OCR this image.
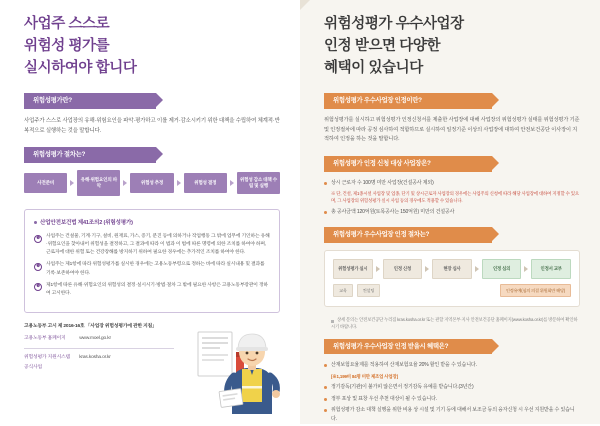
사업주 스스로
위험성 평가를
실시하여야 합니다
위험성평가란?

사업주가 스스로 사업장의 유해·위험요인을 파악·평가하고 이를 제거·감소시키기 위한 대책을 수립하여 체계적·반복적으로 실행하는 것을 말합니다.

위험성평가 절차는?
사전준비
유해·위험요인의 파악
위험성 추정	위험성 결정
위험성 감소 대책 수립 및 실행
산업안전보건법 제41조의2 (위험성평가)
❶	사업주는 건설물, 기계·기구, 설비, 원재료, 가스, 증기, 분진 등에 의하거나 작업행동 그 밖에 업무에 기인하는 유해·위험요인을 찾아내어 위험성을 결정하고, 그 결과에 따라 이 법과 이 법에 따른 명령에 의한 조치를 하여야 하며, 근로자에 대한 위험 또는 건강장해를 방지하기 위하여 필요한 경우에는 추가적인 조치를 하여야 한다.
❷	사업주는 제1항에 따라 위험성평가를 실시한 경우에는 고용노동부령으로 정하는 바에 따라 실시내용 및 결과를 기록·보존하여야 한다.
❸	제1항에 따른 유해·위험요인의 위험성의 결정·실시시기·방법·절차 그 밖에 필요한 사항은 고용노동부장관이 정하여 고시한다.
고용노동부 고시 제 2016-16호 「사업장 위험성평가에 관한 지침」
고용노동부 홈페이지	www.moel.go.kr
위험성평가 지원시스템 kras.kosha.or.kr
공식사업
위험성평가 우수사업장
인정 받으면 다양한
혜택이 있습니다
위험성평가 우수사업장 인정이란?

위험성평가를 실시하고 위험성평가 인정신청서를 제출한 사업장에 대해 사업장의 위험성평가 실태를 위험성평가 기준 및 인정절차에 따라 공정 심사하여 적합하므로 실시하여 일정기준 이상의 사업장에 대하여 안전보건공단 이사장이 지적하여 인정을 하는 것을 말합니다.

위험성평가 인정 신청 대상 사업장은?
상시 근로자 수 100명 미만 사업장(건설공사 제외)
※ 단, 건설, 제1종시설 사업장 및 업종, 단기 및 상시근로자 사업장의 경우에는 사업주의 신청에 따라 해당 사업장에 대하여 지정할 수 있으며, 그 사업장의 위험성평가 실시 사업 등의 경우에도 적용할 수 있습니다.
총 공사금액 120억원(토목공사는 150억원) 미만의 건설공사
위험성평가 우수사업장 인정 절차는?
위험성평가 실시	인정 신청	현장 심사	인정 심의	인정서 교부
교육	컨설팅	인정유예(심의 의결 위원회만 해당)
상세 문의는 안전보건공단 누리집 kras.kosha.or.kr 또는 관할 지역본부·지사 안전보건공단 홈페이지(www.kosha.or.kr)를 방문하여 확인하시기 바랍니다.
위험성평가 우수사업장 인정 받을시 혜택은?
산재보험요율제를 적용하여 산재보험요율 20% 할인 받을 수 있습니다.
[※1,199비 84명 미만 제조업 사업장]
정기감독(기관)이 불가피 않은면서 정기감독 유예를 받습니다.(3년간)
정부 포상 및 표창 우선 추천 대상이 될 수 있습니다.
위험성평가 감소 대책 실행을 위한 비용 상 시설 및 기기 등에 대해서 보조금 등의 융자신청 시 우선 지원받을 수 있습니다.
